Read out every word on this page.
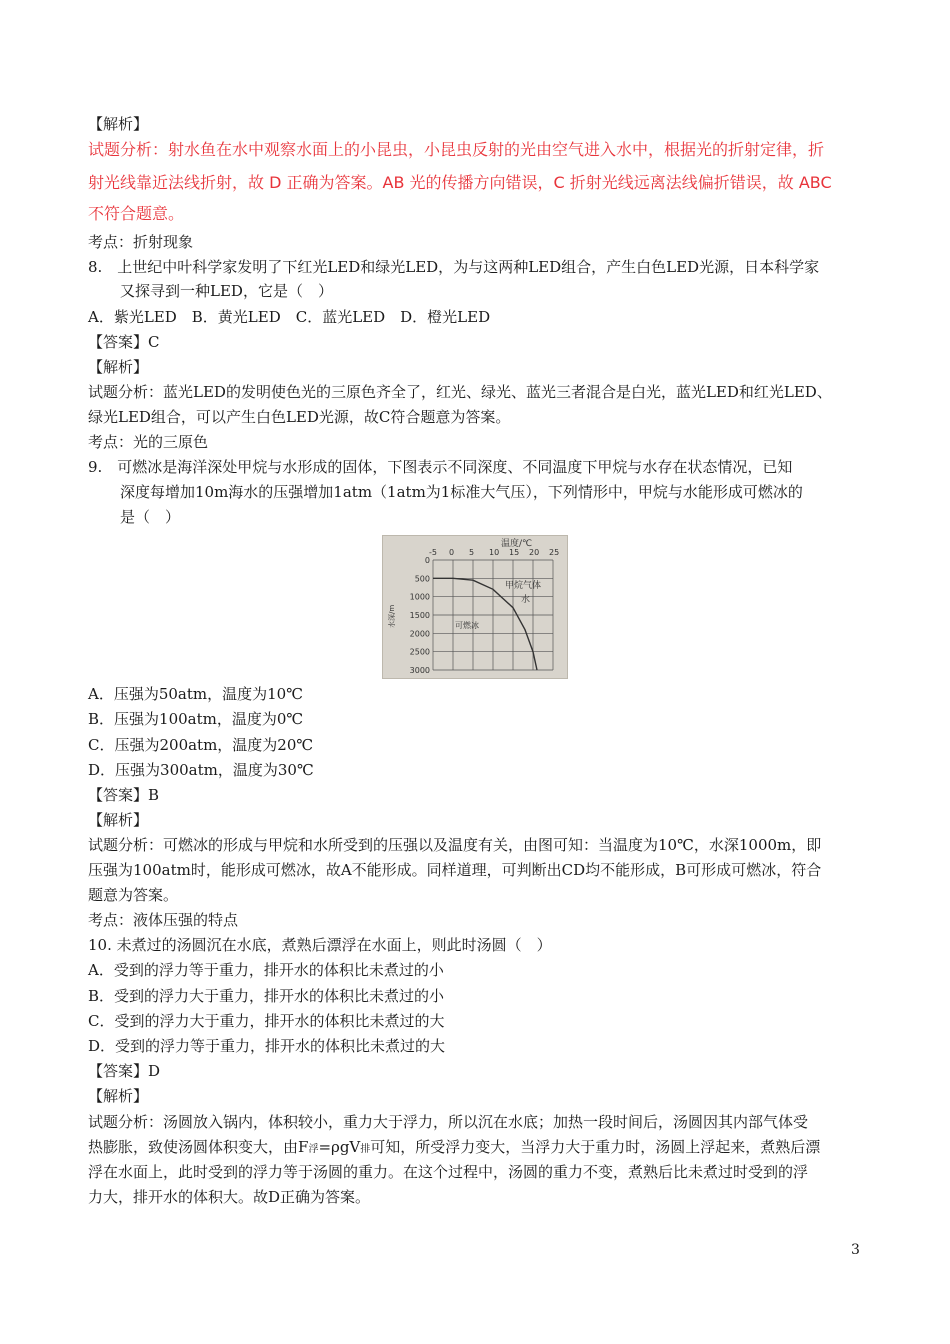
【解析】
试题分析：射水鱼在水中观察水面上的小昆虫，小昆虫反射的光由空气进入水中，根据光的折射定律，折
射光线靠近法线折射，故 D 正确为答案。AB 光的传播方向错误，C 折射光线远离法线偏折错误，故 ABC
不符合题意。
考点：折射现象
8.　上世纪中叶科学家发明了下红光LED和绿光LED，为与这两种LED组合，产生白色LED光源，日本科学家
又探寻到一种LED，它是（　）
A．紫光LED　B．黄光LED　C．蓝光LED　D．橙光LED
【答案】C
【解析】
试题分析：蓝光LED的发明使色光的三原色齐全了，红光、绿光、蓝光三者混合是白光，蓝光LED和红光LED、
绿光LED组合，可以产生白色LED光源，故C符合题意为答案。
考点：光的三原色
9.　可燃冰是海洋深处甲烷与水形成的固体，下图表示不同深度、不同温度下甲烷与水存在状态情况，已知
深度每增加10m海水的压强增加1atm（1atm为1标准大气压），下列情形中，甲烷与水能形成可燃冰的
是（　）
温度/℃
水深/m
-5 0 5 10 15 20 25
0
500
1000
1500
2000
2500
3000
甲烷气体
水
可燃冰
A．压强为50atm，温度为10℃
B．压强为100atm，温度为0℃
C．压强为200atm，温度为20℃
D．压强为300atm，温度为30℃
【答案】B
【解析】
试题分析：可燃冰的形成与甲烷和水所受到的压强以及温度有关，由图可知：当温度为10℃，水深1000m，即
压强为100atm时，能形成可燃冰，故A不能形成。同样道理，可判断出CD均不能形成，B可形成可燃冰，符合
题意为答案。
考点：液体压强的特点
10. 未煮过的汤圆沉在水底，煮熟后漂浮在水面上，则此时汤圆（　）
A．受到的浮力等于重力，排开水的体积比未煮过的小
B．受到的浮力大于重力，排开水的体积比未煮过的小
C．受到的浮力大于重力，排开水的体积比未煮过的大
D．受到的浮力等于重力，排开水的体积比未煮过的大
【答案】D
【解析】
试题分析：汤圆放入锅内，体积较小，重力大于浮力，所以沉在水底；加热一段时间后，汤圆因其内部气体受
热膨胀，致使汤圆体积变大，由F浮=ρgV排可知，所受浮力变大，当浮力大于重力时，汤圆上浮起来，煮熟后漂
浮在水面上，此时受到的浮力等于汤圆的重力。在这个过程中，汤圆的重力不变，煮熟后比未煮过时受到的浮
力大，排开水的体积大。故D正确为答案。
3
